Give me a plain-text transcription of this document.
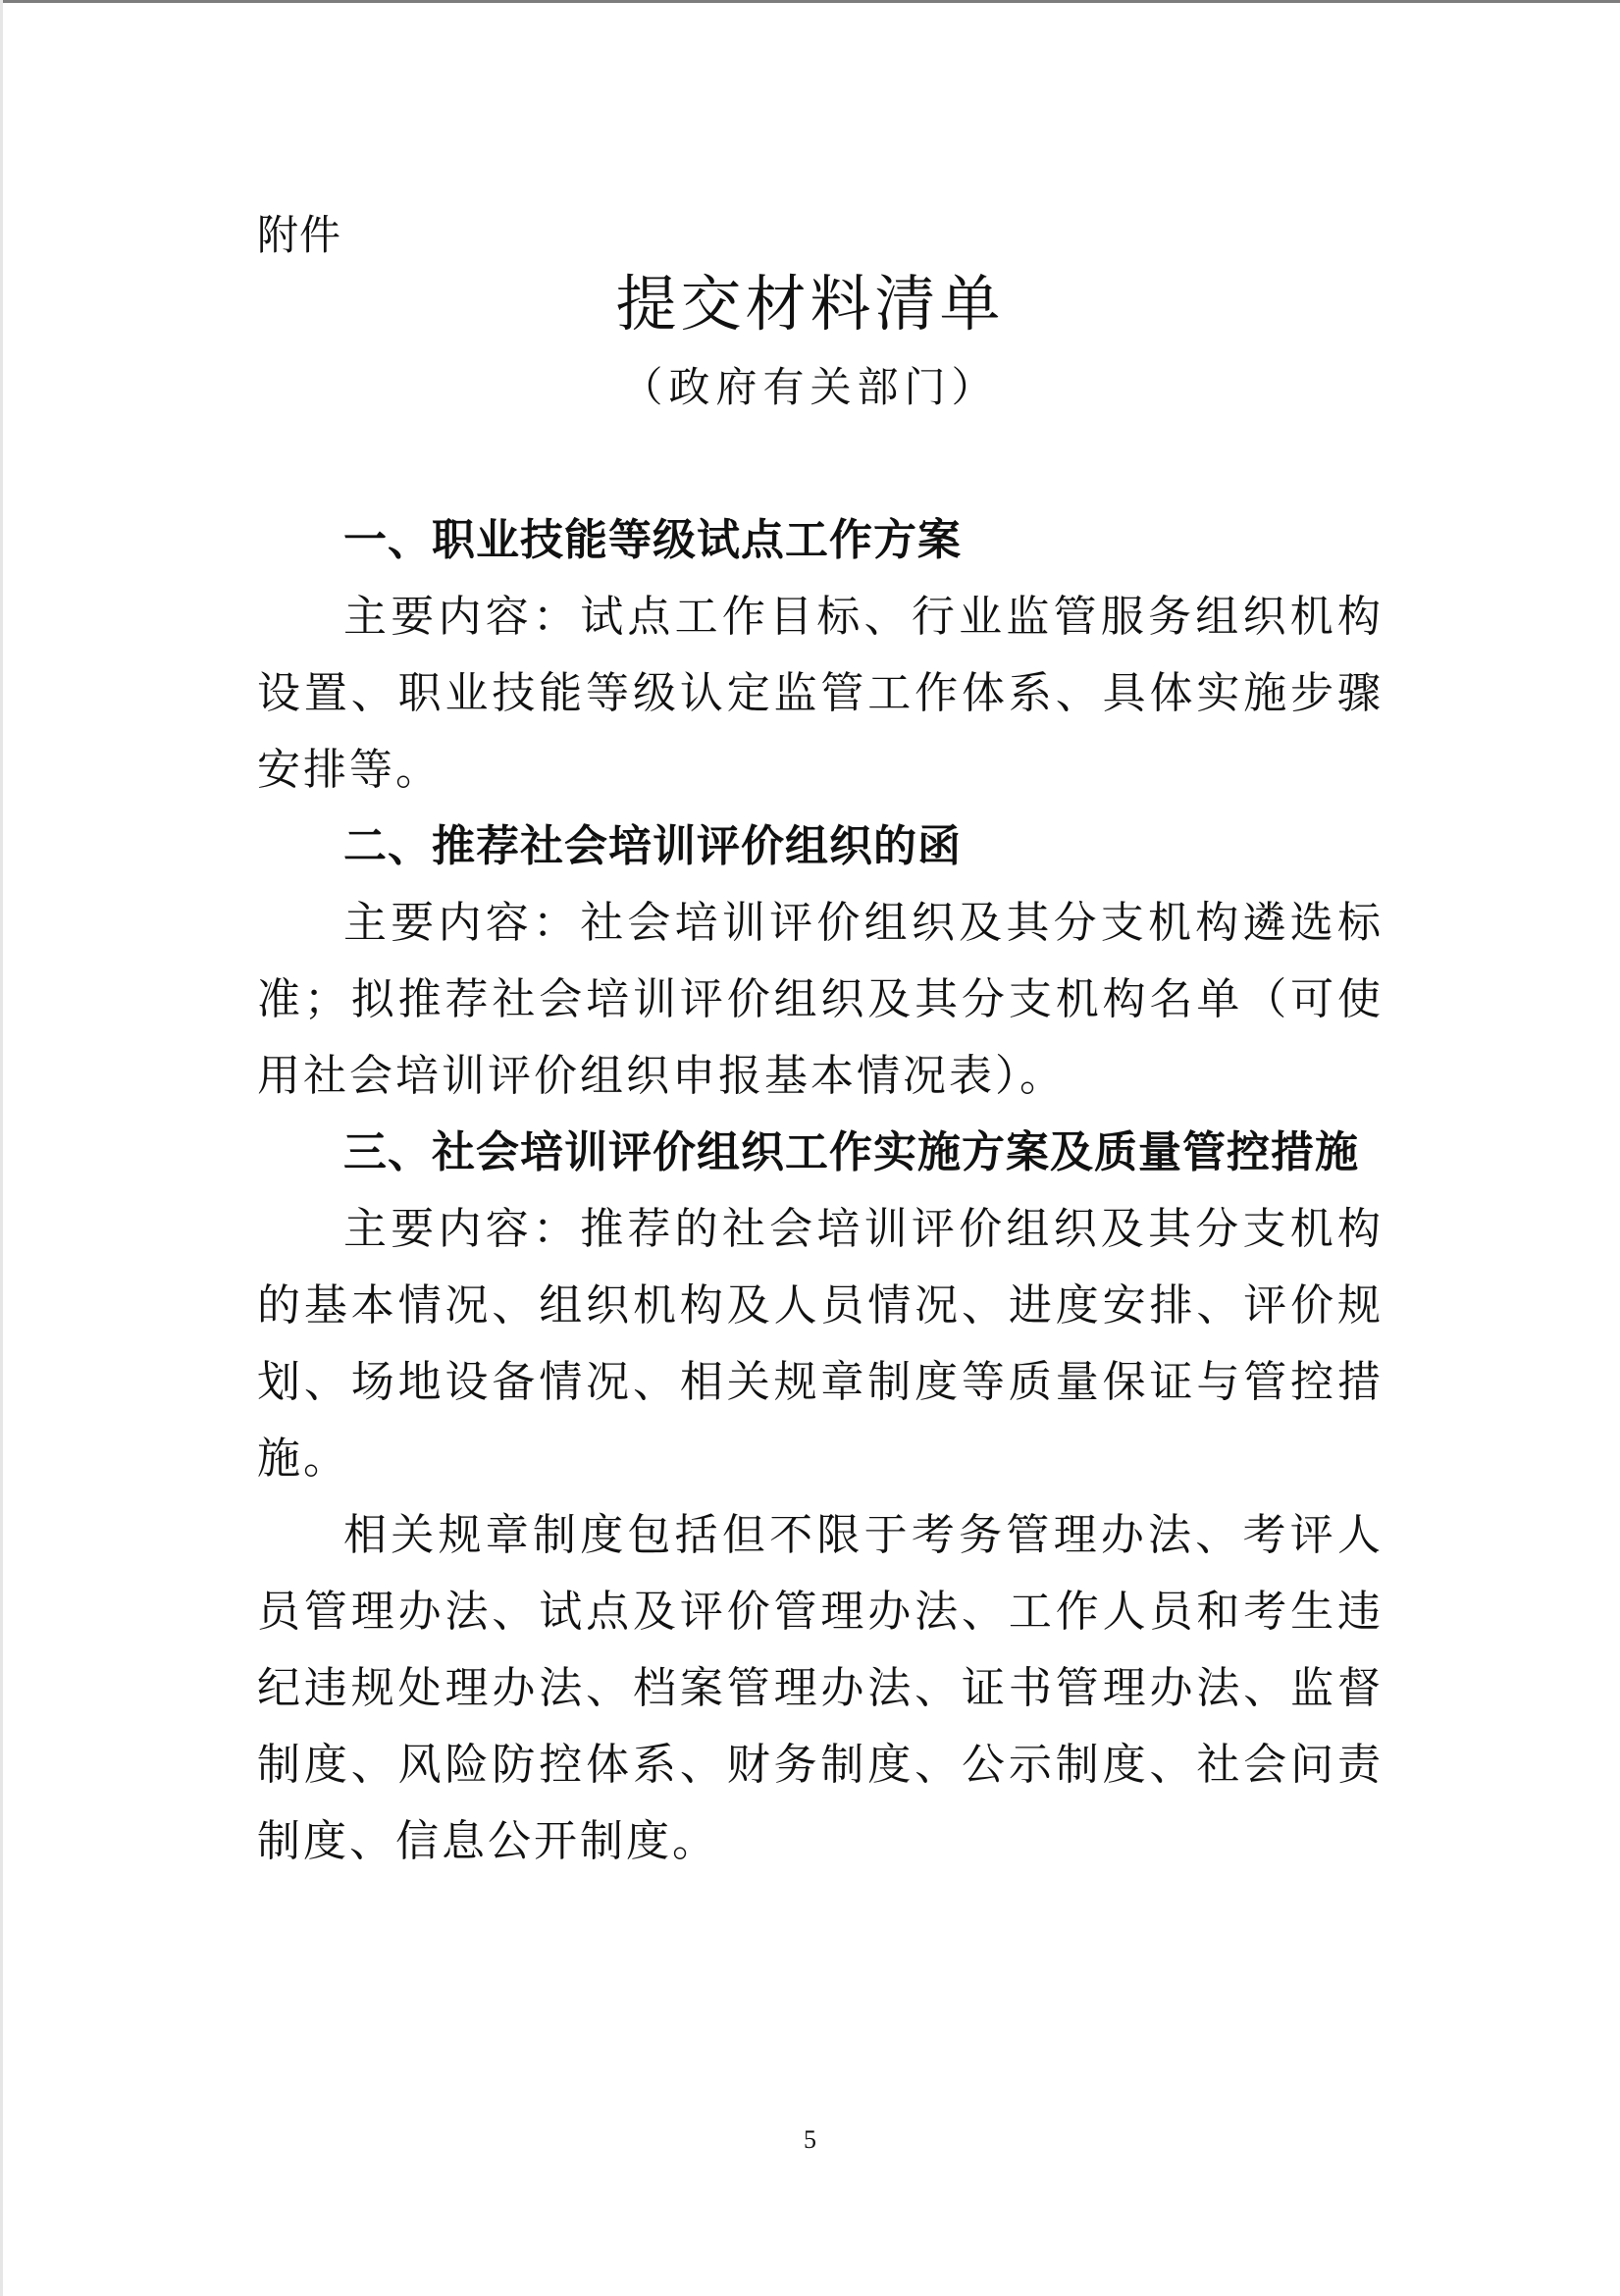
附件
提交材料清单
（政府有关部门）

一、职业技能等级试点工作方案

主要内容：试点工作目标、行业监管服务组织机构设置、职业技能等级认定监管工作体系、具体实施步骤安排等。

二、推荐社会培训评价组织的函

主要内容：社会培训评价组织及其分支机构遴选标准；拟推荐社会培训评价组织及其分支机构名单（可使用社会培训评价组织申报基本情况表）。

三、社会培训评价组织工作实施方案及质量管控措施

主要内容：推荐的社会培训评价组织及其分支机构的基本情况、组织机构及人员情况、进度安排、评价规划、场地设备情况、相关规章制度等质量保证与管控措施。

相关规章制度包括但不限于考务管理办法、考评人员管理办法、试点及评价管理办法、工作人员和考生违纪违规处理办法、档案管理办法、证书管理办法、监督制度、风险防控体系、财务制度、公示制度、社会问责制度、信息公开制度。

5
